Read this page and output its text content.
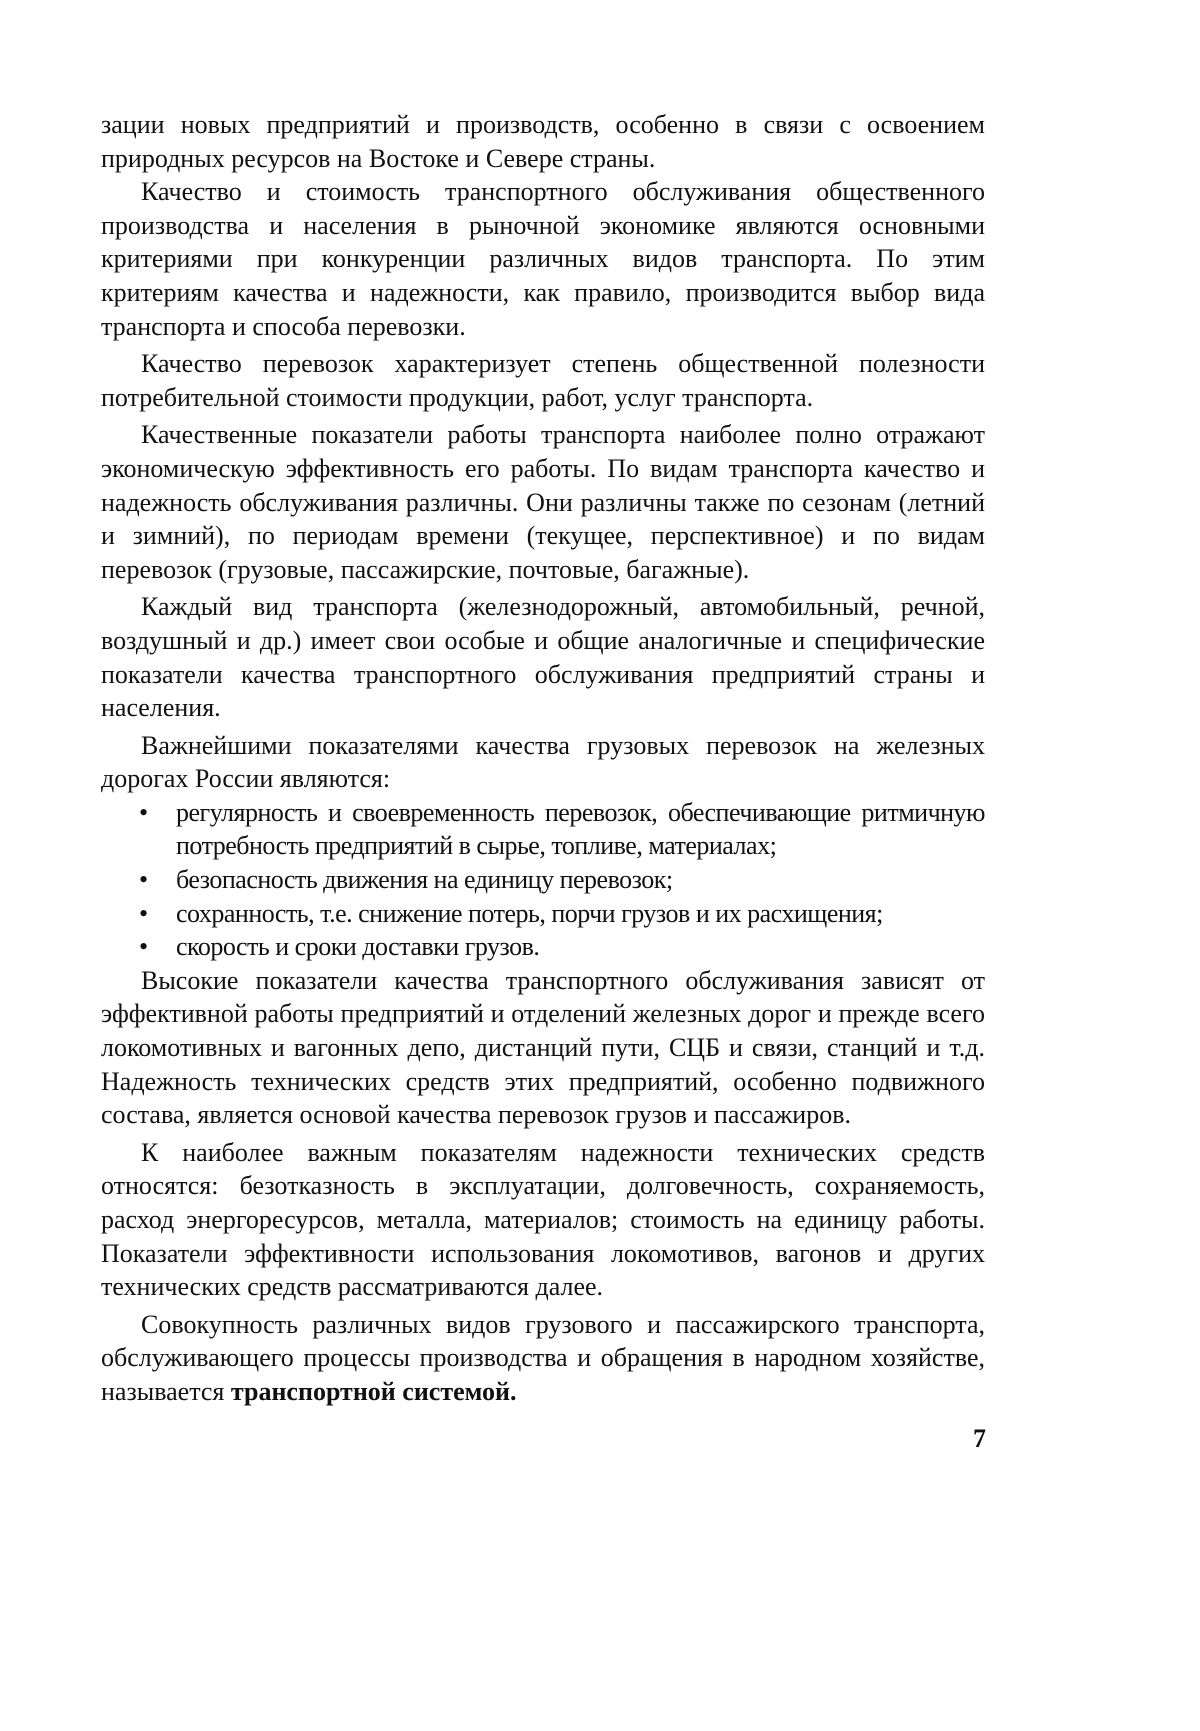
зации новых предприятий и производств, особенно в связи с освоением природных ресурсов на Востоке и Севере страны.

Качество и стоимость транспортного обслуживания общественного производства и населения в рыночной экономике являются основными критериями при конкуренции различных видов транспорта. По этим критериям качества и надежности, как правило, производится выбор вида транспорта и способа перевозки.

Качество перевозок характеризует степень общественной полезности потребительной стоимости продукции, работ, услуг транспорта.

Качественные показатели работы транспорта наиболее полно отражают экономическую эффективность его работы. По видам транспорта качество и надежность обслуживания различны. Они различны также по сезонам (летний и зимний), по периодам времени (текущее, перспективное) и по видам перевозок (грузовые, пассажирские, почтовые, багажные).

Каждый вид транспорта (железнодорожный, автомобильный, речной, воздушный и др.) имеет свои особые и общие аналогичные и специфические показатели качества транспортного обслуживания предприятий страны и населения.

Важнейшими показателями качества грузовых перевозок на железных дорогах России являются:

• регулярность и своевременность перевозок, обеспечивающие ритмичную потребность предприятий в сырье, топливе, материалах;
• безопасность движения на единицу перевозок;
• сохранность, т.е. снижение потерь, порчи грузов и их расхищения;
• скорость и сроки доставки грузов.

Высокие показатели качества транспортного обслуживания зависят от эффективной работы предприятий и отделений железных дорог и прежде всего локомотивных и вагонных депо, дистанций пути, СЦБ и связи, станций и т.д. Надежность технических средств этих предприятий, особенно подвижного состава, является основой качества перевозок грузов и пассажиров.

К наиболее важным показателям надежности технических средств относятся: безотказность в эксплуатации, долговечность, сохраняемость, расход энергоресурсов, металла, материалов; стоимость на единицу работы. Показатели эффективности использования локомотивов, вагонов и других технических средств рассматриваются далее.

Совокупность различных видов грузового и пассажирского транспорта, обслуживающего процессы производства и обращения в народном хозяйстве, называется транспортной системой.

7
